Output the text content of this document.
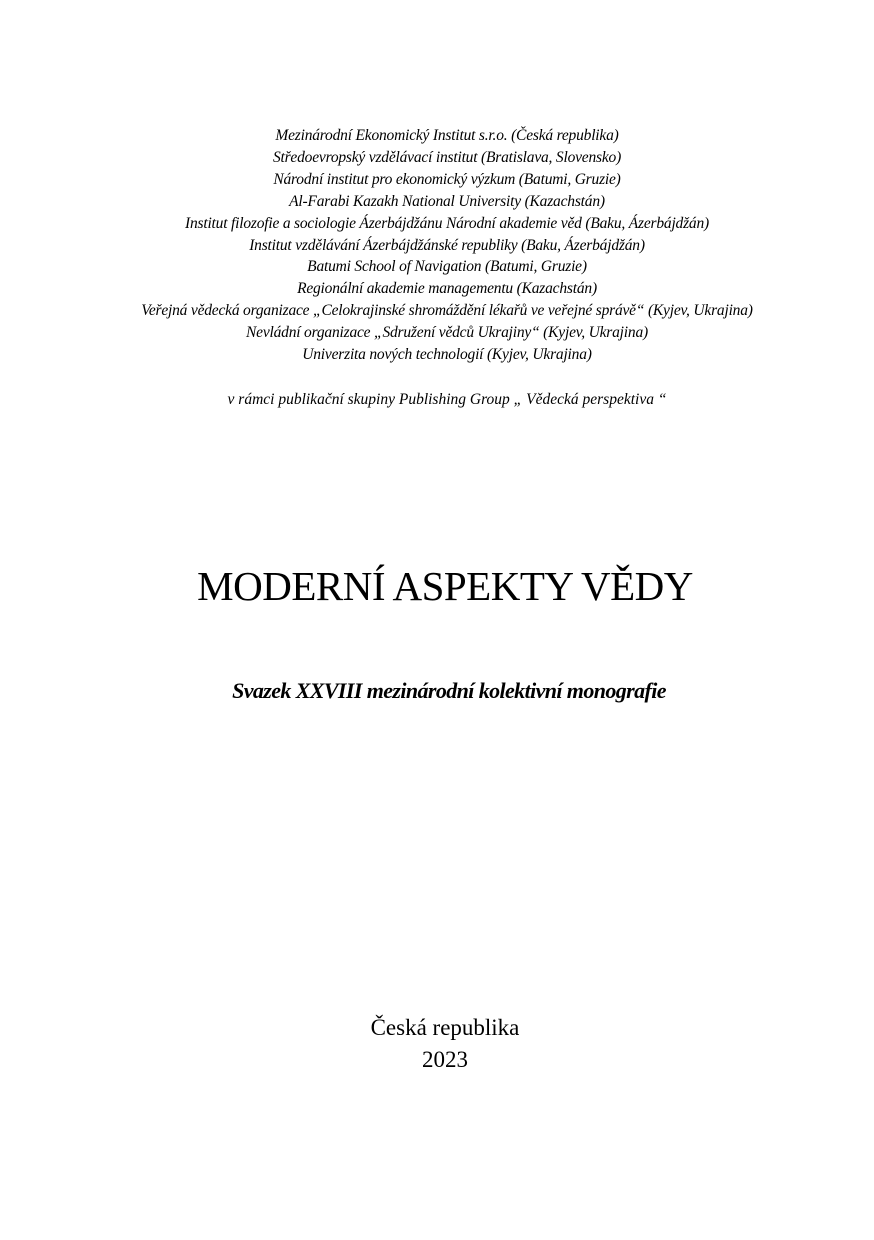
Mezinárodní Ekonomický Institut s.r.o. (Česká republika)
Středoevropský vzdělávací institut (Bratislava, Slovensko)
Národní institut pro ekonomický výzkum (Batumi, Gruzie)
Al-Farabi Kazakh National University (Kazachstán)
Institut filozofie a sociologie Ázerbájdžánu Národní akademie věd (Baku, Ázerbájdžán)
Institut vzdělávání Ázerbájdžánské republiky (Baku, Ázerbájdžán)
Batumi School of Navigation (Batumi, Gruzie)
Regionální akademie managementu (Kazachstán)
Veřejná vědecká organizace „Celokrajinské shromáždění lékařů ve veřejné správě“ (Kyjev, Ukrajina)
Nevládní organizace „Sdružení vědců Ukrajiny“ (Kyjev, Ukrajina)
Univerzita nových technologií (Kyjev, Ukrajina)
v rámci publikační skupiny Publishing Group „ Vědecká perspektiva “
MODERNÍ ASPEKTY VĚDY
Svazek XXVIII mezinárodní kolektivní monografie
Česká republika
2023
